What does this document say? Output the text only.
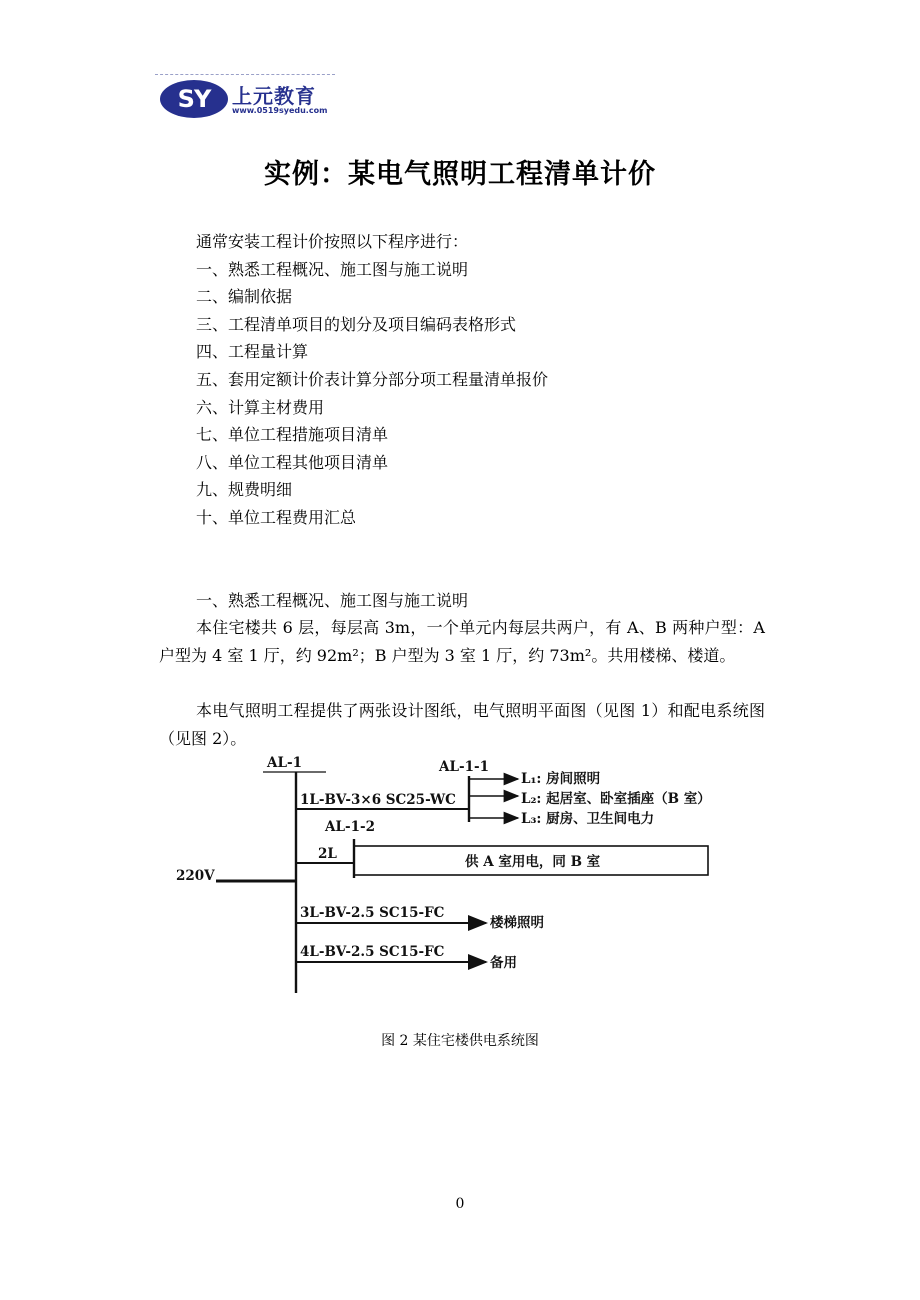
SY	上元教育
www.0519syedu.com
实例：某电气照明工程清单计价
通常安装工程计价按照以下程序进行：
一、熟悉工程概况、施工图与施工说明
二、编制依据
三、工程清单项目的划分及项目编码表格形式
四、工程量计算
五、套用定额计价表计算分部分项工程量清单报价
六、计算主材费用
七、单位工程措施项目清单
八、单位工程其他项目清单
九、规费明细
十、单位工程费用汇总
一、熟悉工程概况、施工图与施工说明
本住宅楼共 6 层，每层高 3m，一个单元内每层共两户，有 A、B 两种户型：A 户型为 4 室 1 厅，约 92m²；B 户型为 3 室 1 厅，约 73m²。共用楼梯、楼道。
本电气照明工程提供了两张设计图纸，电气照明平面图（见图 1）和配电系统图（见图 2）。
AL-1
220V
1L-BV-3×6 SC25-WC
AL-1-1
L₁: 房间照明
L₂: 起居室、卧室插座（B 室）
L₃: 厨房、卫生间电力
AL-1-2
2L	供 A 室用电，同 B 室
3L-BV-2.5 SC15-FC
楼梯照明
4L-BV-2.5 SC15-FC
备用
图 2 某住宅楼供电系统图
0
